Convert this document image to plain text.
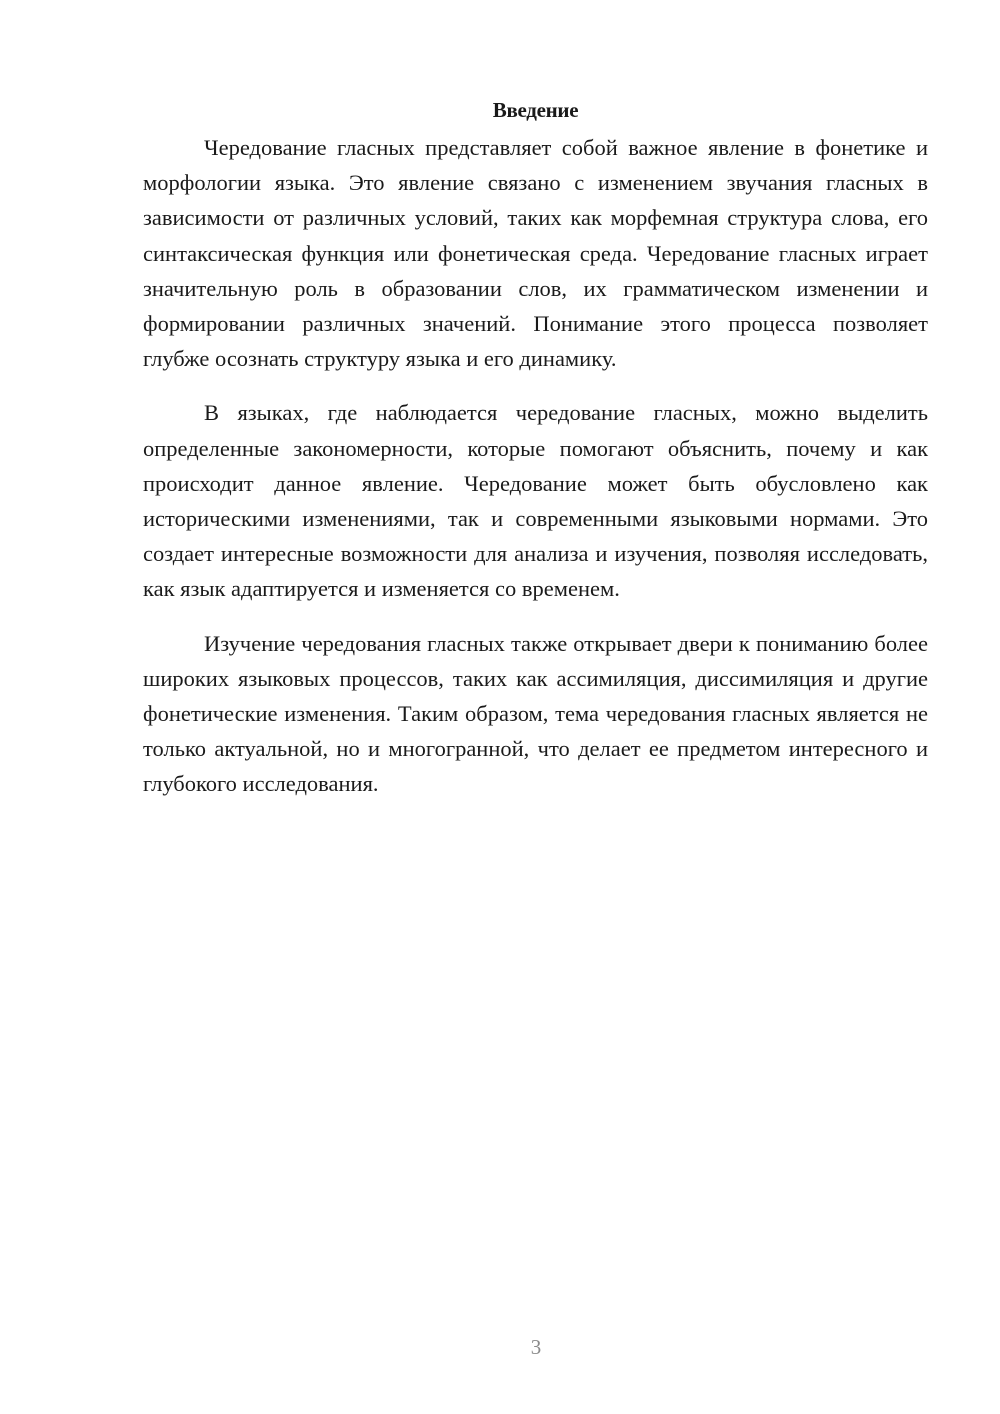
Введение

Чередование гласных представляет собой важное явление в фонетике и морфологии языка. Это явление связано с изменением звучания гласных в зависимости от различных условий, таких как морфемная структура слова, его синтаксическая функция или фонетическая среда. Чередование гласных играет значительную роль в образовании слов, их грамматическом изменении и формировании различных значений. Понимание этого процесса позволяет глубже осознать структуру языка и его динамику.

В языках, где наблюдается чередование гласных, можно выделить определенные закономерности, которые помогают объяснить, почему и как происходит данное явление. Чередование может быть обусловлено как историческими изменениями, так и современными языковыми нормами. Это создает интересные возможности для анализа и изучения, позволяя исследовать, как язык адаптируется и изменяется со временем.

Изучение чередования гласных также открывает двери к пониманию более широких языковых процессов, таких как ассимиляция, диссимиляция и другие фонетические изменения. Таким образом, тема чередования гласных является не только актуальной, но и многогранной, что делает ее предметом интересного и глубокого исследования.

3
